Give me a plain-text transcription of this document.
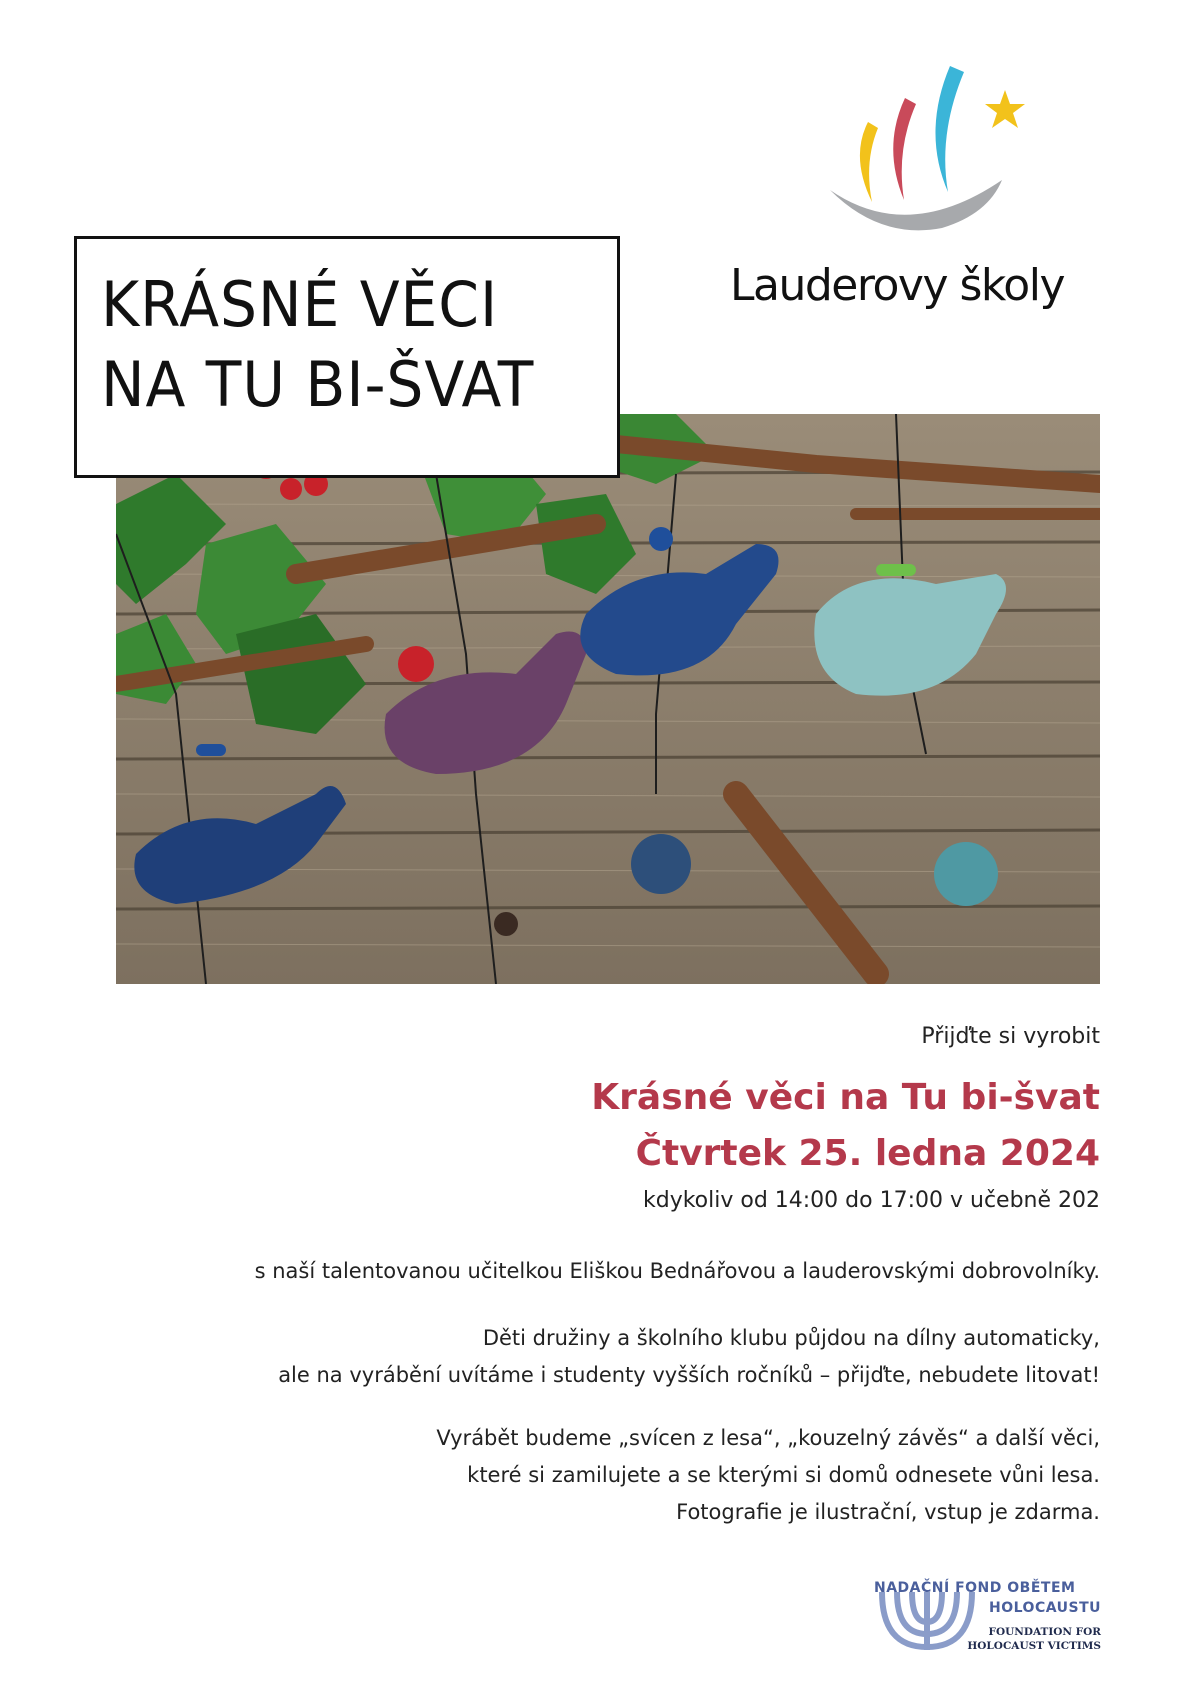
Lauderovy školy
KRÁSNÉ VĚCI
NA TU BI-ŠVAT
Přijďte si vyrobit
Krásné věci na Tu bi-švat
Čtvrtek 25. ledna 2024
kdykoliv od 14:00 do 17:00 v učebně 202
s naší talentovanou učitelkou Eliškou Bednářovou a lauderovskými dobrovolníky.
Děti družiny a školního klubu půjdou na dílny automaticky,
ale na vyrábění uvítáme i studenty vyšších ročníků – přijďte, nebudete litovat!
Vyrábět budeme „svícen z lesa“, „kouzelný závěs“ a další věci,
které si zamilujete a se kterými si domů odnesete vůni lesa.
Fotografie je ilustrační, vstup je zdarma.
NADAČNÍ FOND OBĚTEM
HOLOCAUSTU
FOUNDATION FOR
HOLOCAUST VICTIMS
